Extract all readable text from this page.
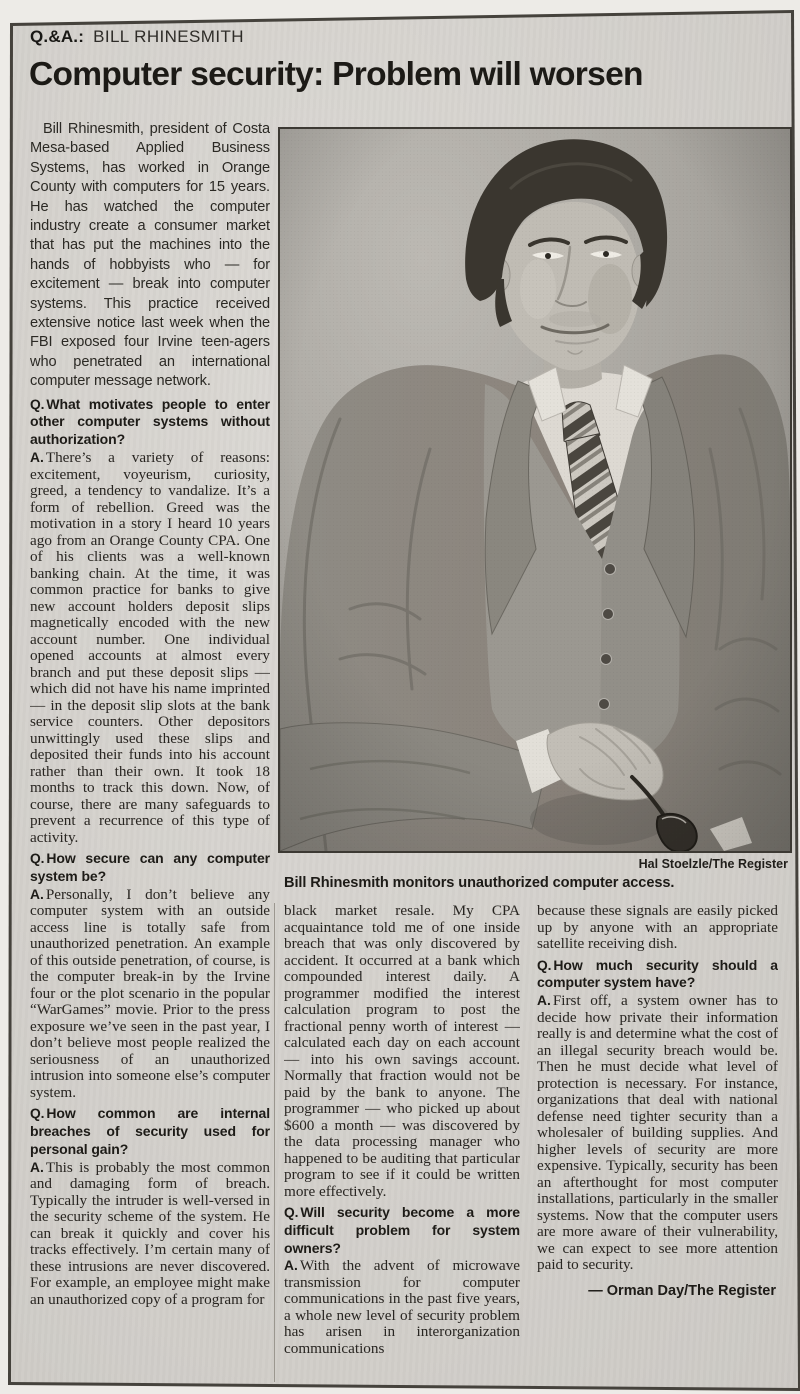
Q.&A.: BILL RHINESMITH
Computer security: Problem will worsen

Bill Rhinesmith, president of Costa Mesa-based Applied Business Systems, has worked in Orange County with computers for 15 years. He has watched the computer industry create a consumer market that has put the machines into the hands of hobbyists who — for excitement — break into computer systems. This practice received extensive notice last week when the FBI exposed four Irvine teen-agers who penetrated an international computer message network.

Q. What motivates people to enter other computer systems without authorization?
A. There’s a variety of reasons: excitement, voyeurism, curiosity, greed, a tendency to vandalize. It’s a form of rebellion. Greed was the motivation in a story I heard 10 years ago from an Orange County CPA. One of his clients was a well-known banking chain. At the time, it was common practice for banks to give new account holders deposit slips magnetically encoded with the new account number. One individual opened accounts at almost every branch and put these deposit slips — which did not have his name imprinted — in the deposit slip slots at the bank service counters. Other depositors unwittingly used these slips and deposited their funds into his account rather than their own. It took 18 months to track this down. Now, of course, there are many safeguards to prevent a recurrence of this type of activity.
Q. How secure can any computer system be?
A. Personally, I don’t believe any computer system with an outside access line is totally safe from unauthorized penetration. An example of this outside penetration, of course, is the computer break-in by the Irvine four or the plot scenario in the popular “WarGames” movie. Prior to the press exposure we’ve seen in the past year, I don’t believe most people realized the seriousness of an unauthorized intrusion into someone else’s computer system.
Q. How common are internal breaches of security used for personal gain?
A. This is probably the most common and damaging form of breach. Typically the intruder is well-versed in the security scheme of the system. He can break it quickly and cover his tracks effectively. I’m certain many of these intrusions are never discovered. For example, an employee might make an unauthorized copy of a program for
Hal Stoelzle/The Register
Bill Rhinesmith monitors unauthorized computer access.

black market resale. My CPA acquaintance told me of one inside breach that was only discovered by accident. It occurred at a bank which compounded interest daily. A programmer modified the interest calculation program to post the fractional penny worth of interest — calculated each day on each account — into his own savings account. Normally that fraction would not be paid by the bank to anyone. The programmer — who picked up about $600 a month — was discovered by the data processing manager who happened to be auditing that particular program to see if it could be written more effectively.

Q. Will security become a more difficult problem for system owners?
A. With the advent of microwave transmission for computer communications in the past five years, a whole new level of security problem has arisen in interorganization communications

because these signals are easily picked up by anyone with an appropriate satellite receiving dish.

Q. How much security should a computer system have?
A. First off, a system owner has to decide how private their information really is and determine what the cost of an illegal security breach would be. Then he must decide what level of protection is necessary. For instance, organizations that deal with national defense need tighter security than a wholesaler of building supplies. And higher levels of security are more expensive. Typically, security has been an afterthought for most computer installations, particularly in the smaller systems. Now that the computer users are more aware of their vulnerability, we can expect to see more attention paid to security.
— Orman Day/The Register
